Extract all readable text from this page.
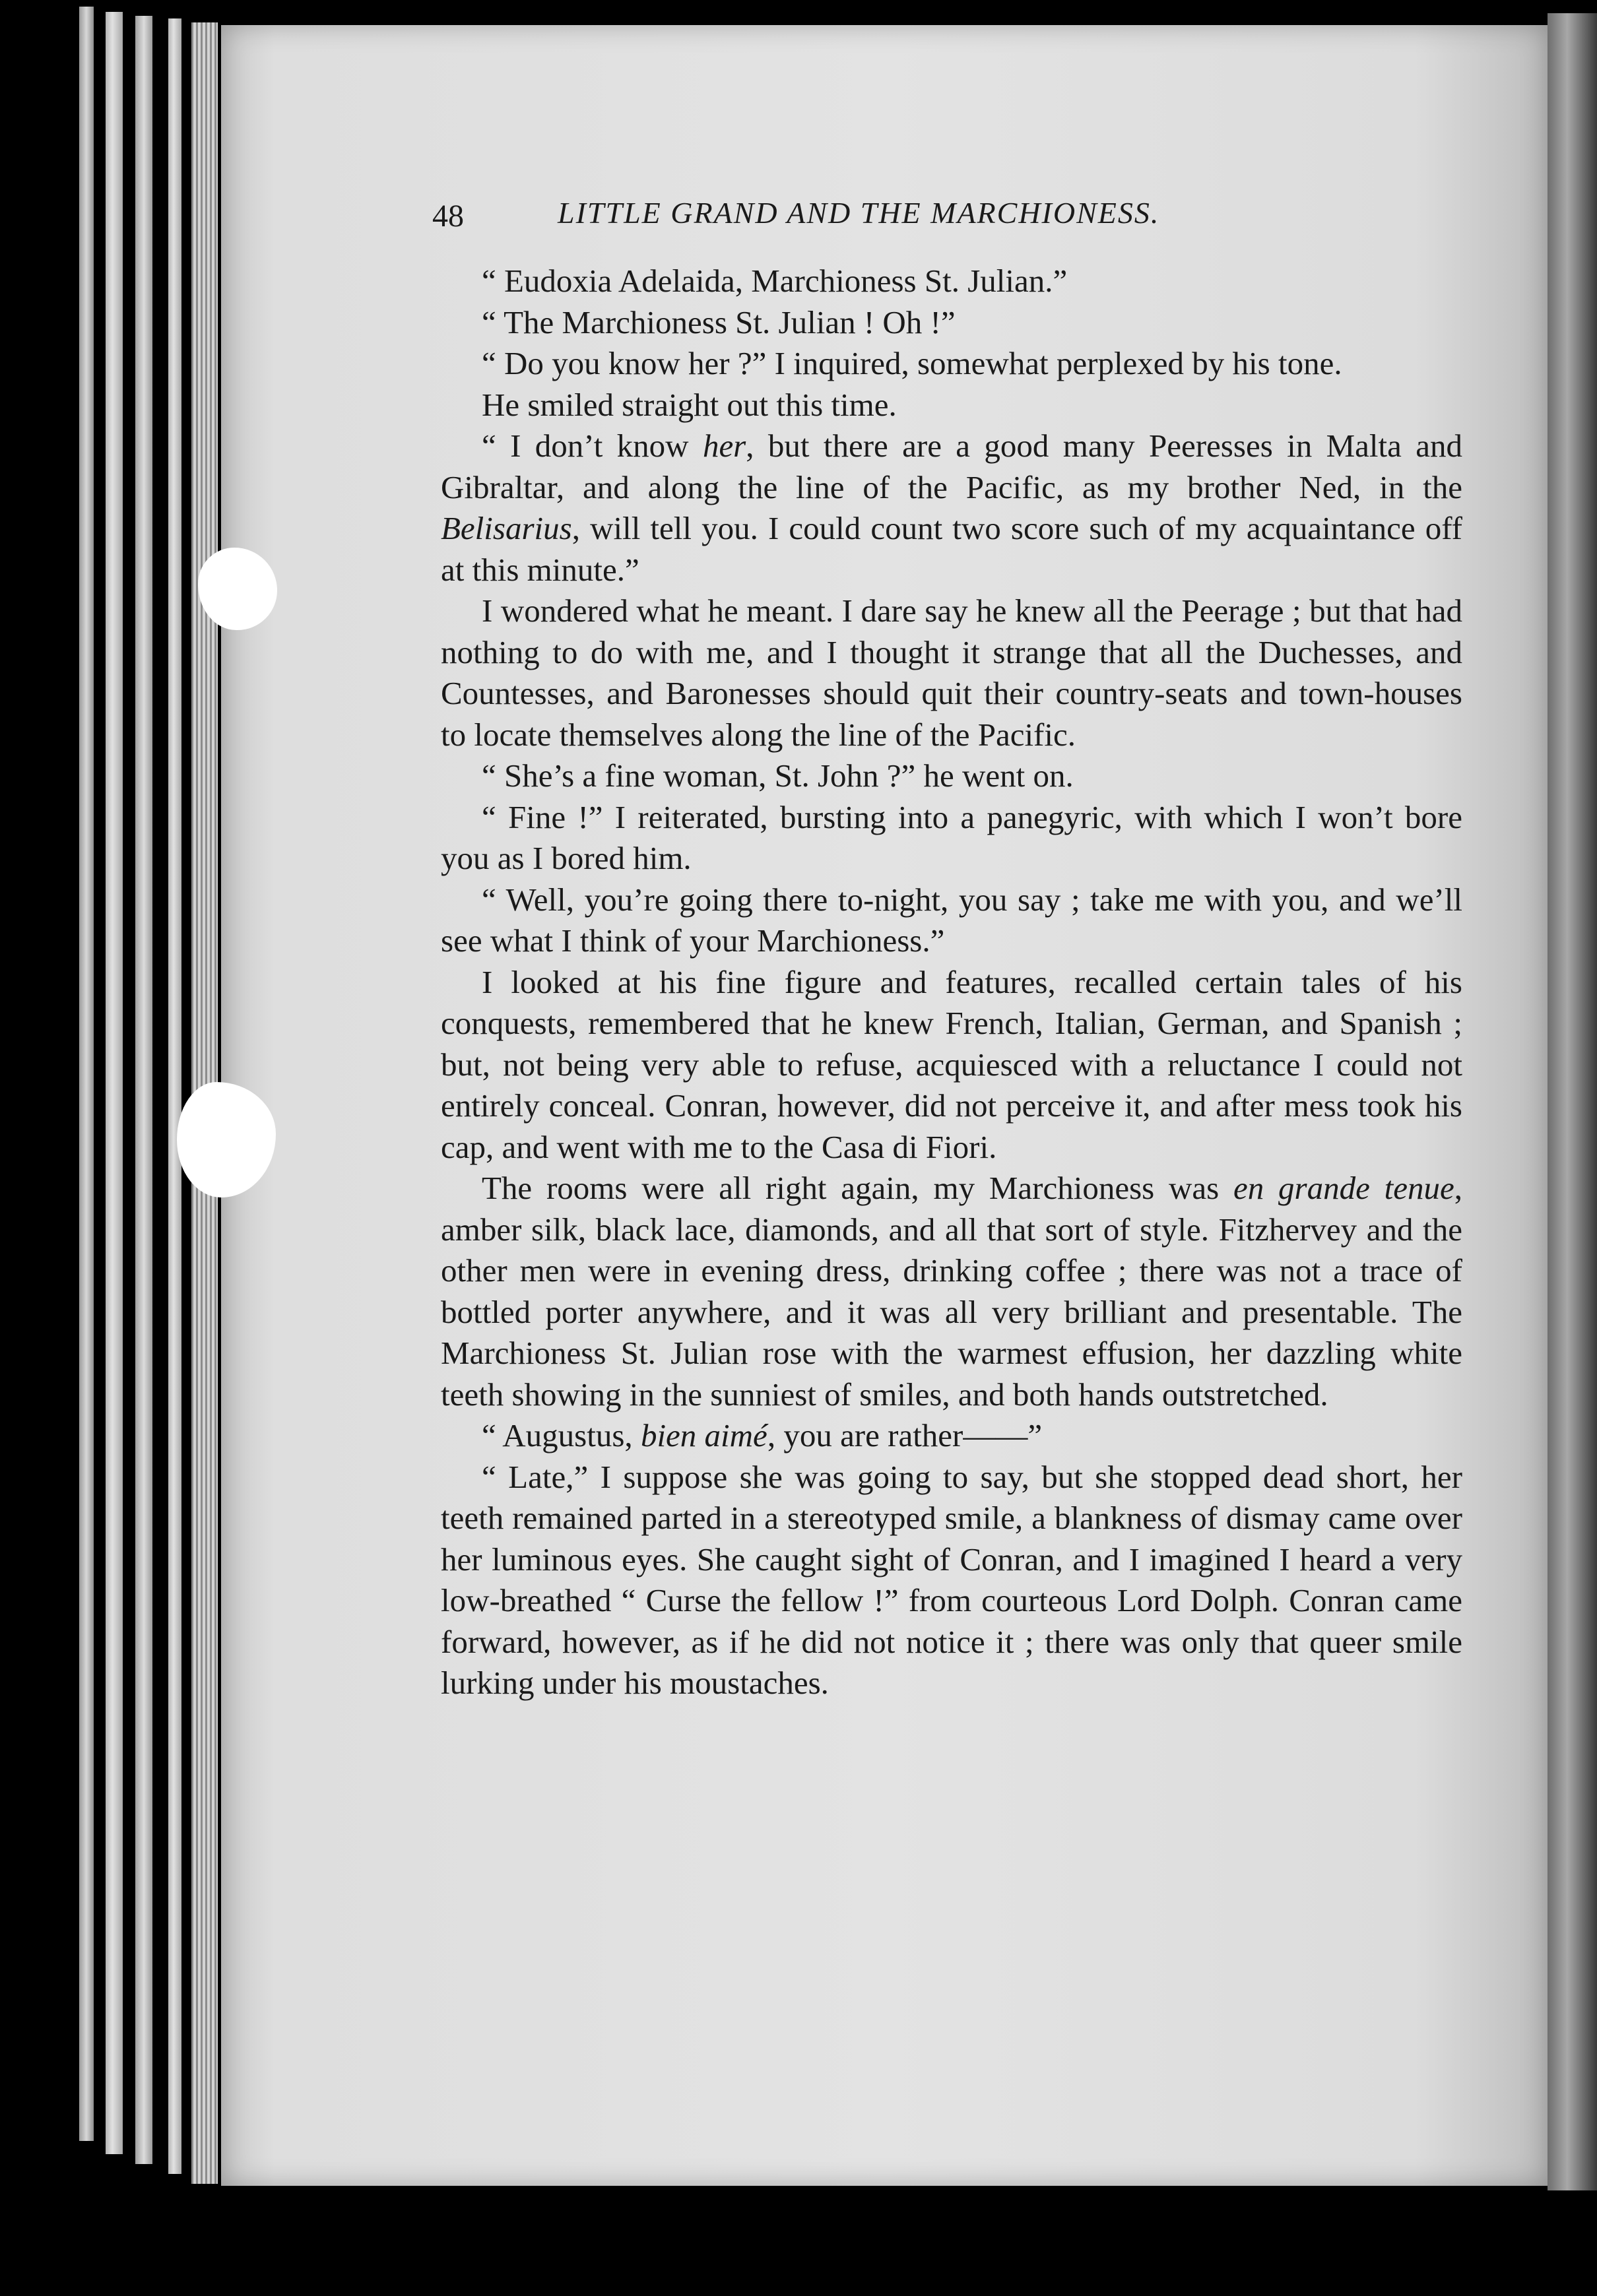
48	LITTLE GRAND AND THE MARCHIONESS.

“ Eudoxia Adelaida, Marchioness St. Julian.”

“ The Marchioness St. Julian ! Oh !”

“ Do you know her ?” I inquired, somewhat perplexed by his tone.

He smiled straight out this time.

“ I don’t know her, but there are a good many Peeresses in Malta and Gibraltar, and along the line of the Pacific, as my brother Ned, in the Belisarius, will tell you. I could count two score such of my acquaintance off at this minute.”

I wondered what he meant. I dare say he knew all the Peerage ; but that had nothing to do with me, and I thought it strange that all the Duchesses, and Countesses, and Baronesses should quit their country-seats and town-houses to locate themselves along the line of the Pacific.

“ She’s a fine woman, St. John ?” he went on.

“ Fine !” I reiterated, bursting into a panegyric, with which I won’t bore you as I bored him.

“ Well, you’re going there to-night, you say ; take me with you, and we’ll see what I think of your Marchioness.”

I looked at his fine figure and features, recalled certain tales of his conquests, remembered that he knew French, Italian, German, and Spanish ; but, not being very able to refuse, acquiesced with a reluctance I could not entirely conceal. Conran, however, did not perceive it, and after mess took his cap, and went with me to the Casa di Fiori.

The rooms were all right again, my Marchioness was en grande tenue, amber silk, black lace, diamonds, and all that sort of style. Fitzhervey and the other men were in evening dress, drinking coffee ; there was not a trace of bottled porter anywhere, and it was all very brilliant and presentable. The Marchioness St. Julian rose with the warmest effusion, her dazzling white teeth showing in the sunniest of smiles, and both hands outstretched.

“ Augustus, bien aimé, you are rather——”

“ Late,” I suppose she was going to say, but she stopped dead short, her teeth remained parted in a stereotyped smile, a blankness of dismay came over her luminous eyes. She caught sight of Conran, and I imagined I heard a very low-breathed “ Curse the fellow !” from courteous Lord Dolph. Conran came forward, however, as if he did not notice it ; there was only that queer smile lurking under his moustaches.
